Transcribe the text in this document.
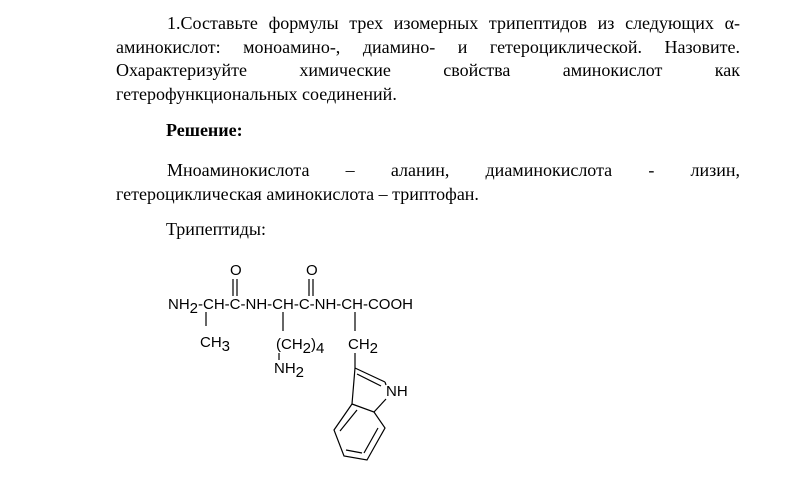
1.Составьте формулы трех изомерных трипептидов из следующих α-
аминокислот: моноамино-, диамино- и гетероциклической. Назовите.
Охарактеризуйте химические свойства аминокислот как
гетерофункциональных соединений.
Решение:
Мноаминокислота – аланин, диаминокислота - лизин,
гетероциклическая аминокислота – триптофан.
Трипептиды:
O	O
NH2-CH-C-NH-CH-C-NH-CH-COOH
CH3	(CH2)4
NH2
CH2
NH
